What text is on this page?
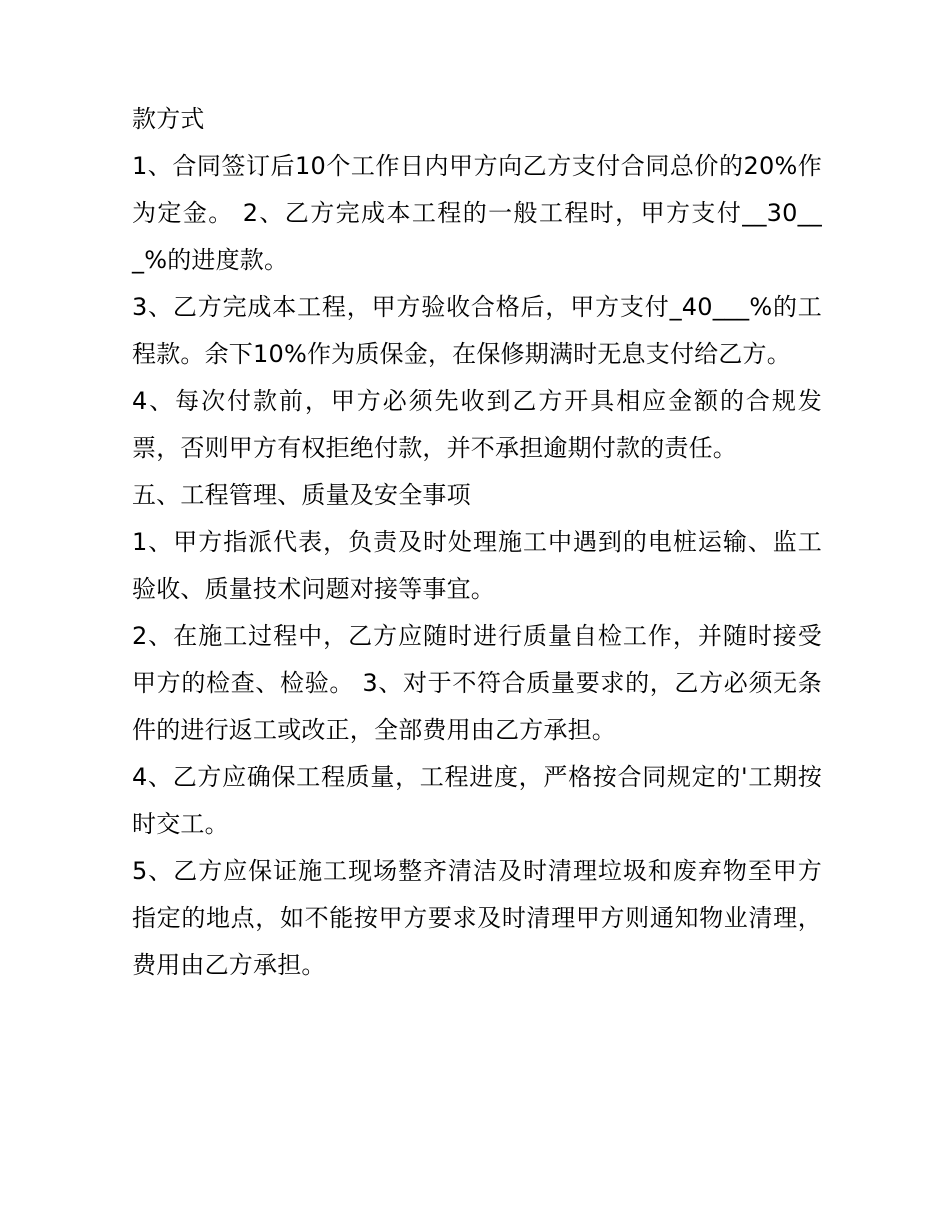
款方式

1、合同签订后10个工作日内甲方向乙方支付合同总价的20%作为定金。 2、乙方完成本工程的一般工程时，甲方支付__30___%的进度款。

3、乙方完成本工程，甲方验收合格后，甲方支付_40___%的工程款。余下10%作为质保金，在保修期满时无息支付给乙方。

4、每次付款前，甲方必须先收到乙方开具相应金额的合规发票，否则甲方有权拒绝付款，并不承担逾期付款的责任。

五、工程管理、质量及安全事项

1、甲方指派代表，负责及时处理施工中遇到的电桩运输、监工验收、质量技术问题对接等事宜。

2、在施工过程中，乙方应随时进行质量自检工作，并随时接受甲方的检查、检验。 3、对于不符合质量要求的，乙方必须无条件的进行返工或改正，全部费用由乙方承担。

4、乙方应确保工程质量，工程进度，严格按合同规定的'工期按时交工。

5、乙方应保证施工现场整齐清洁及时清理垃圾和废弃物至甲方指定的地点，如不能按甲方要求及时清理甲方则通知物业清理，费用由乙方承担。
